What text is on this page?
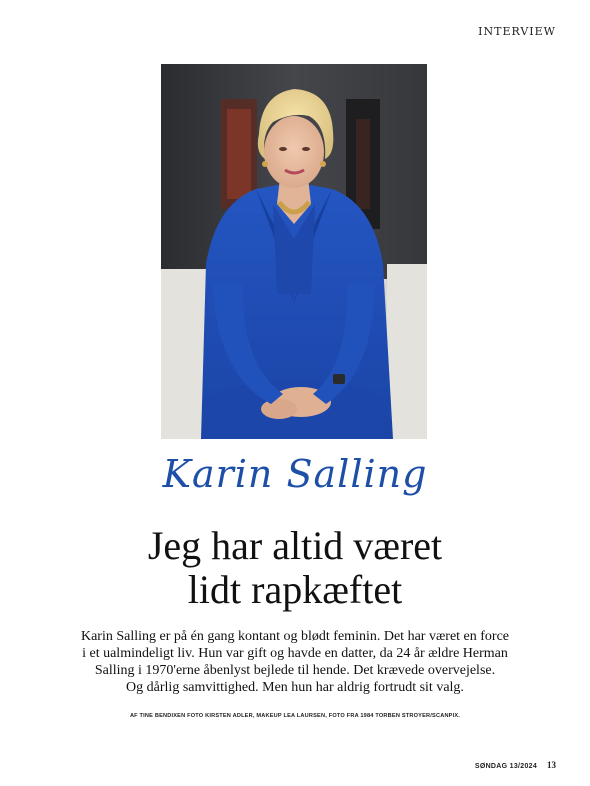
INTERVIEW
Karin Salling
Jeg har altid været
lidt rapkæftet
Karin Salling er på én gang kontant og blødt feminin. Det har været en force
i et ualmindeligt liv. Hun var gift og havde en datter, da 24 år ældre Herman
Salling i 1970'erne åbenlyst bejlede til hende. Det krævede overvejelse.
Og dårlig samvittighed. Men hun har aldrig fortrudt sit valg.
AF TINE BENDIXEN FOTO KIRSTEN ADLER, MAKEUP LEA LAURSEN, FOTO FRA 1984 TORBEN STROYER/SCANPIX.
SØNDAG 13/2024 13
